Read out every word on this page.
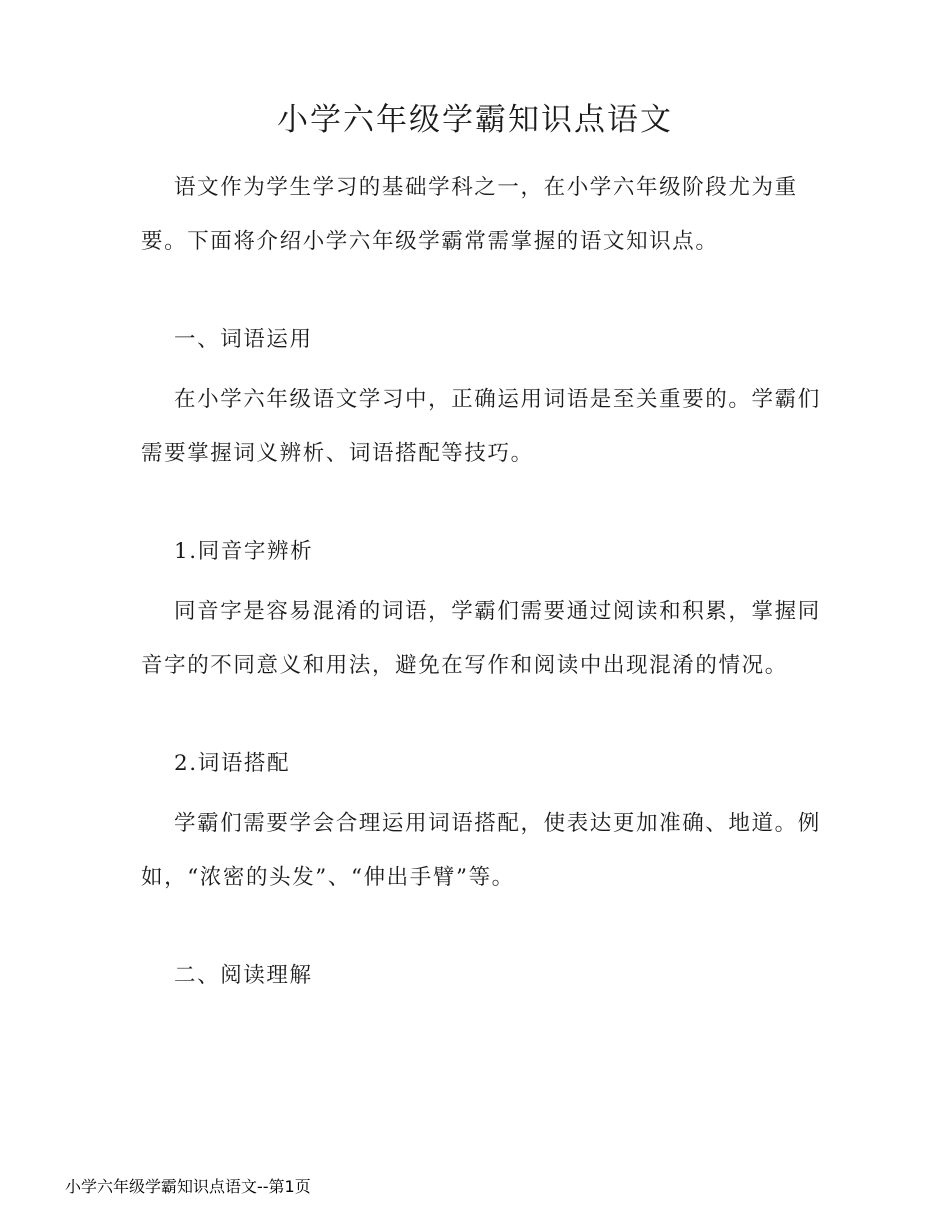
小学六年级学霸知识点语文

语文作为学生学习的基础学科之一，在小学六年级阶段尤为重要。下面将介绍小学六年级学霸常需掌握的语文知识点。

一、词语运用

在小学六年级语文学习中，正确运用词语是至关重要的。学霸们需要掌握词义辨析、词语搭配等技巧。

1.同音字辨析

同音字是容易混淆的词语，学霸们需要通过阅读和积累，掌握同音字的不同意义和用法，避免在写作和阅读中出现混淆的情况。

2.词语搭配

学霸们需要学会合理运用词语搭配，使表达更加准确、地道。例如，“浓密的头发”、“伸出手臂”等。

二、阅读理解
小学六年级学霸知识点语文--第1页
